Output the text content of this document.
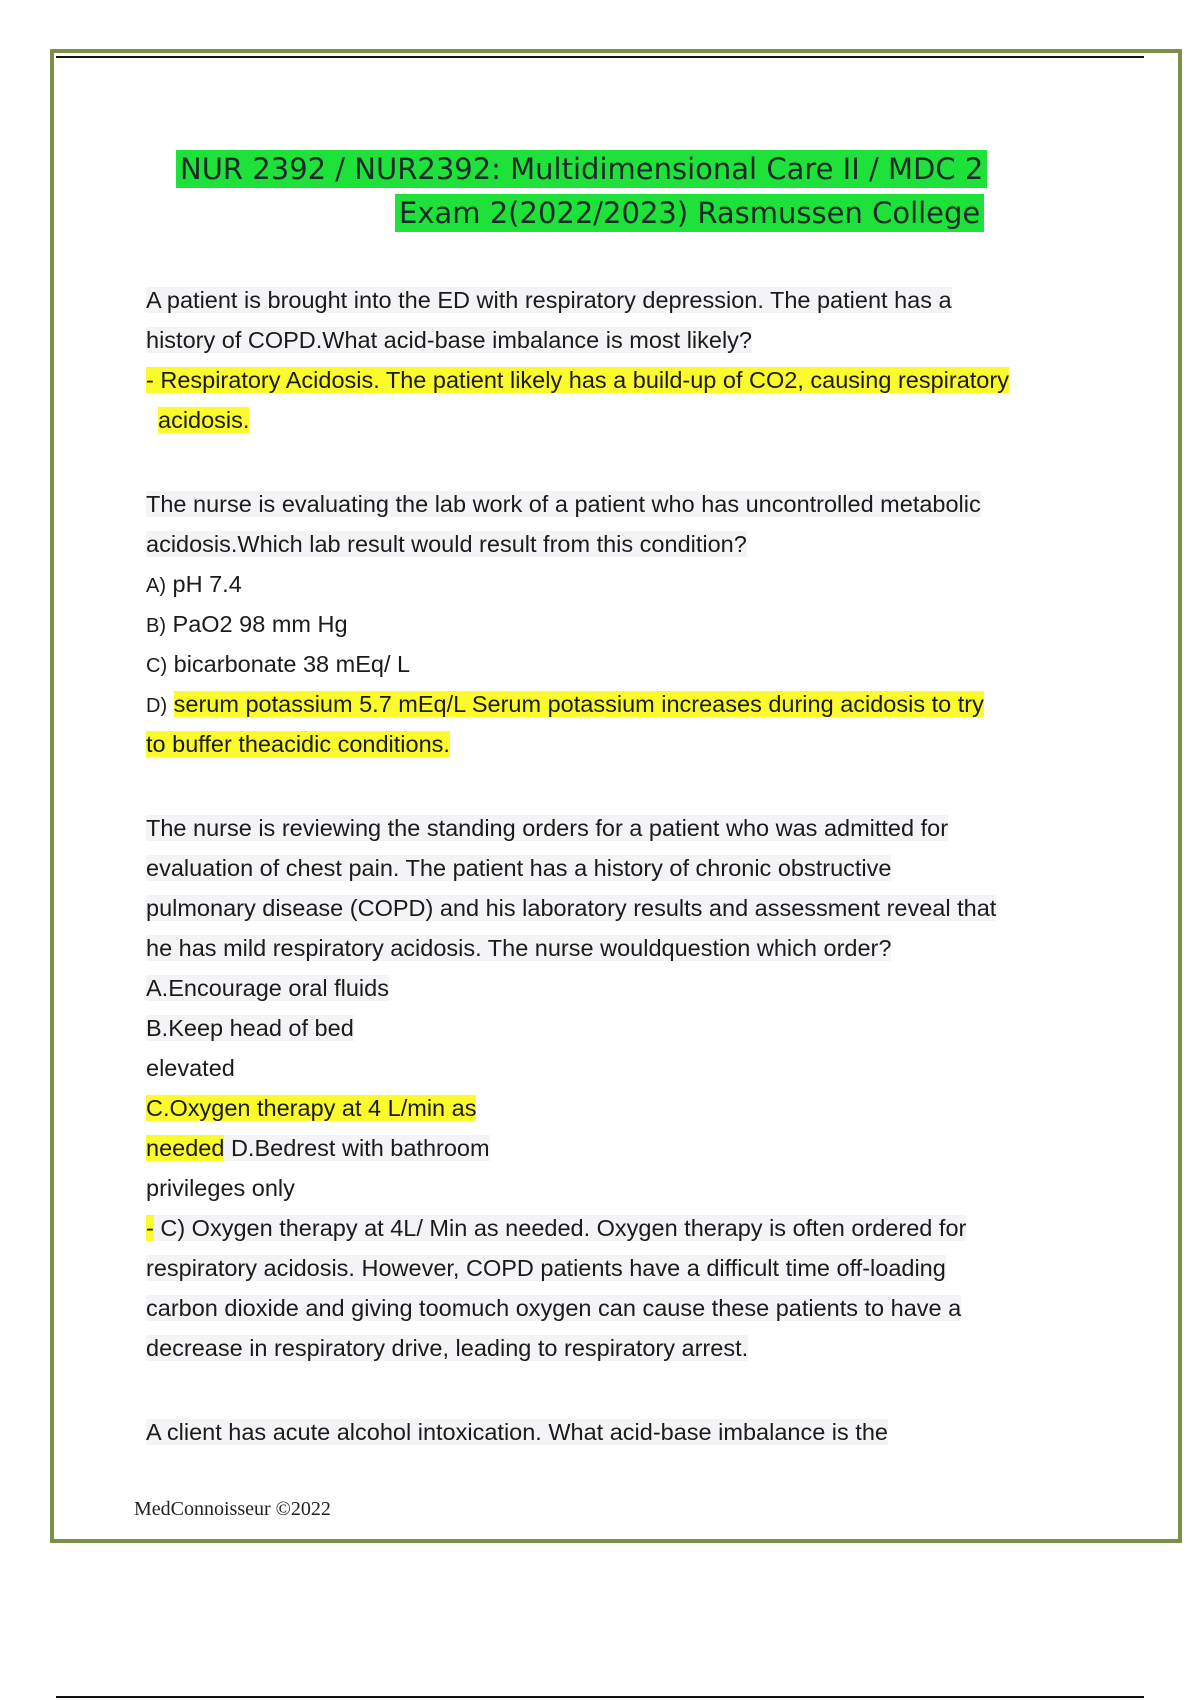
NUR 2392 / NUR2392: Multidimensional Care II / MDC 2
Exam 2(2022/2023) Rasmussen College
A patient is brought into the ED with respiratory depression. The patient has a
history of COPD.What acid-base imbalance is most likely?
- Respiratory Acidosis. The patient likely has a build-up of CO2, causing respiratory
acidosis.
The nurse is evaluating the lab work of a patient who has uncontrolled metabolic
acidosis.Which lab result would result from this condition?
A) pH 7.4
B) PaO2 98 mm Hg
C) bicarbonate 38 mEq/ L
D) serum potassium 5.7 mEq/L Serum potassium increases during acidosis to try
to buffer theacidic conditions.
The nurse is reviewing the standing orders for a patient who was admitted for
evaluation of chest pain. The patient has a history of chronic obstructive
pulmonary disease (COPD) and his laboratory results and assessment reveal that
he has mild respiratory acidosis. The nurse wouldquestion which order?
A.Encourage oral fluids
B.Keep head of bed
elevated
C.Oxygen therapy at 4 L/min as
needed D.Bedrest with bathroom
privileges only
- C) Oxygen therapy at 4L/ Min as needed. Oxygen therapy is often ordered for
respiratory acidosis. However, COPD patients have a difficult time off-loading
carbon dioxide and giving toomuch oxygen can cause these patients to have a
decrease in respiratory drive, leading to respiratory arrest.
A client has acute alcohol intoxication. What acid-base imbalance is the
MedConnoisseur ©2022
